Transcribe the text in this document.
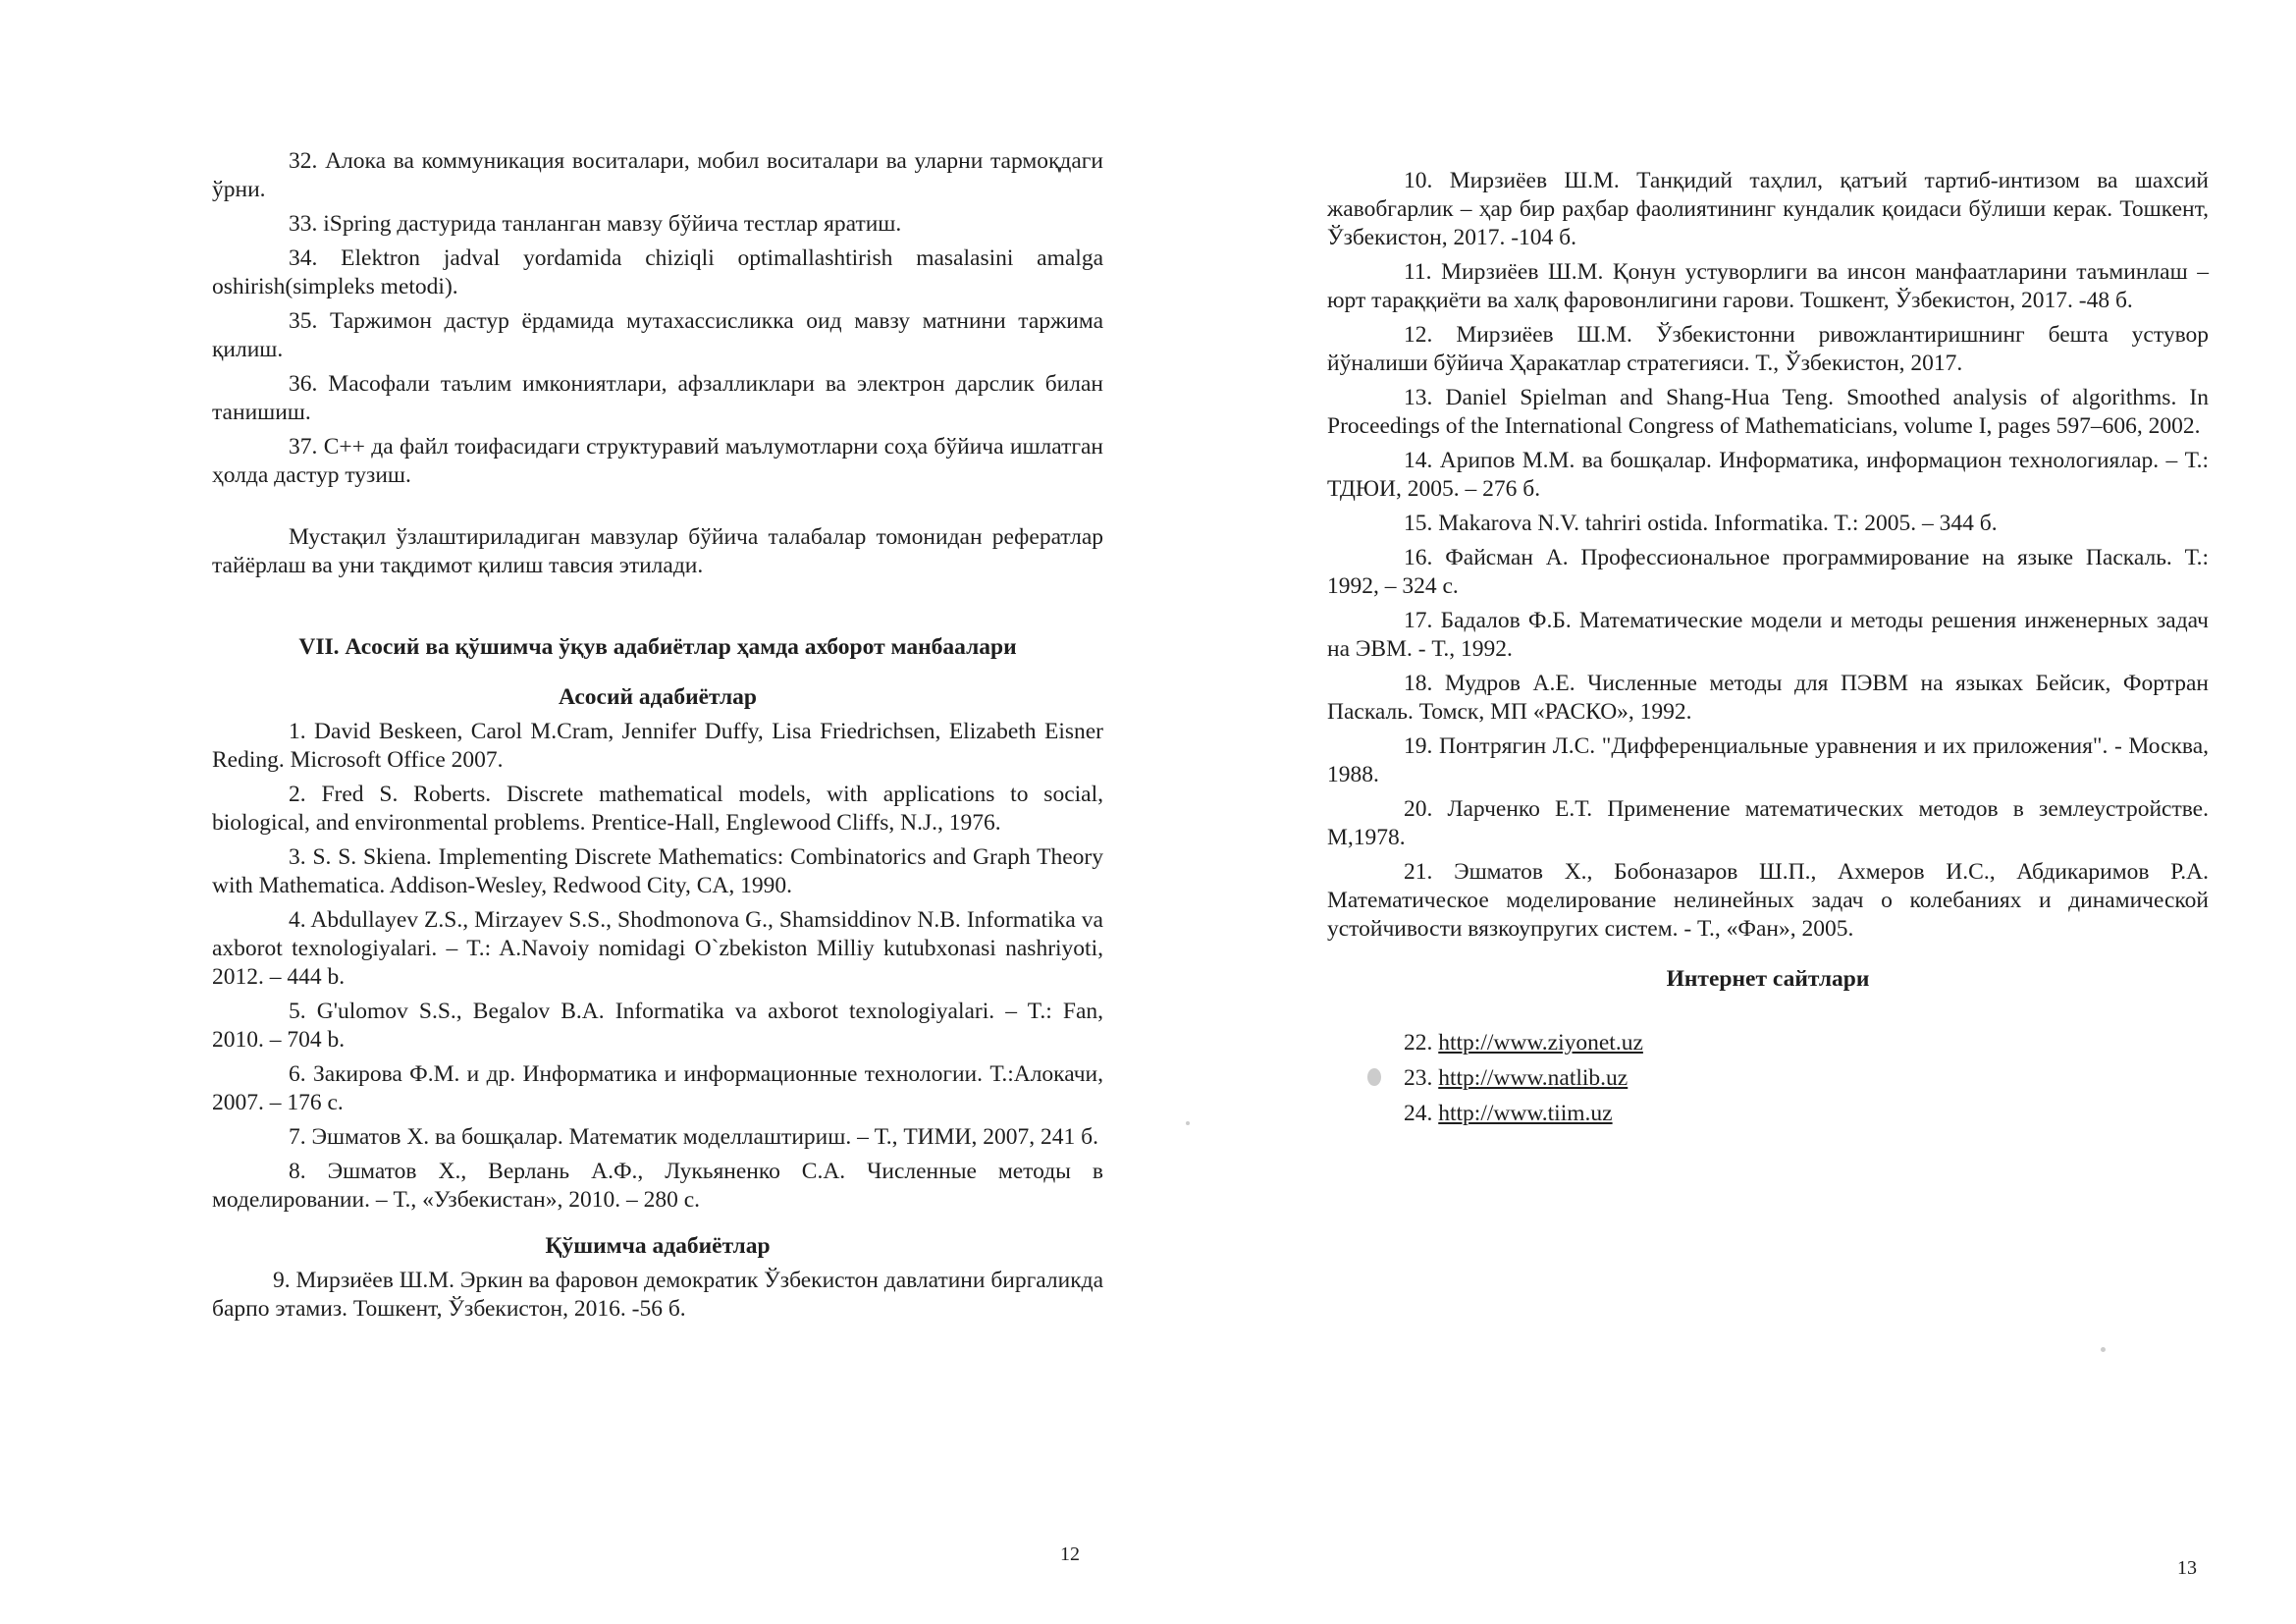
32. Алока ва коммуникация воситалари, мобил воситалари ва уларни тармоқдаги ўрни.

33. iSpring дастурида танланган мавзу бўйича тестлар яратиш.

34. Elektron jadval yordamida chiziqli optimallashtirish masalasini amalga oshirish(simpleks metodi).

35. Таржимон дастур ёрдамида мутахассисликка оид мавзу матнини таржима қилиш.

36. Масофали таълим имкониятлари, афзалликлари ва электрон дарслик билан танишиш.

37. C++ да файл тоифасидаги структуравий маълумотларни соҳа бўйича ишлатган ҳолда дастур тузиш.

Мустақил ўзлаштириладиган мавзулар бўйича талабалар томонидан рефератлар тайёрлаш ва уни тақдимот қилиш тавсия этилади.

VII. Асосий ва қўшимча ўқув адабиётлар ҳамда ахборот манбаалари
Асосий адабиётлар

1. David Beskeen, Carol M.Cram, Jennifer Duffy, Lisa Friedrichsen, Elizabeth Eisner Reding. Microsoft Office 2007.

2. Fred S. Roberts. Discrete mathematical models, with applications to social, biological, and environmental problems. Prentice-Hall, Englewood Cliffs, N.J., 1976.

3. S. S. Skiena. Implementing Discrete Mathematics: Combinatorics and Graph Theory with Mathematica. Addison-Wesley, Redwood City, CA, 1990.

4. Abdullayev Z.S., Mirzayev S.S., Shodmonova G., Shamsiddinov N.B. Informatika va axborot texnologiyalari. – T.: A.Navoiy nomidagi O`zbekiston Milliy kutubxonasi nashriyoti, 2012. – 444 b.

5. G'ulomov S.S., Begalov B.A. Informatika va axborot texnologiyalari. – T.: Fan, 2010. – 704 b.

6. Закирова Ф.М. и др. Информатика и информационные технологии. Т.:Алокачи, 2007. – 176 с.

7. Эшматов Х. ва бошқалар. Математик моделлаштириш. – Т., ТИМИ, 2007, 241 б.

8. Эшматов Х., Верлань А.Ф., Лукьяненко С.А. Численные методы в моделировании. – Т., «Узбекистан», 2010. – 280 с.

Қўшимча адабиётлар

9. Мирзиёев Ш.М. Эркин ва фаровон демократик Ўзбекистон давлатини биргаликда барпо этамиз. Тошкент, Ўзбекистон, 2016. -56 б.

12

10. Мирзиёев Ш.М. Танқидий таҳлил, қатъий тартиб-интизом ва шахсий жавобгарлик – ҳар бир раҳбар фаолиятининг кундалик қоидаси бўлиши керак. Тошкент, Ўзбекистон, 2017. -104 б.

11. Мирзиёев Ш.М. Қонун устуворлиги ва инсон манфаатларини таъминлаш – юрт тараққиёти ва халқ фаровонлигини гарови. Тошкент, Ўзбекистон, 2017. -48 б.

12. Мирзиёев Ш.М. Ўзбекистонни ривожлантиришнинг бешта устувор йўналиши бўйича Ҳаракатлар стратегияси. Т., Ўзбекистон, 2017.

13. Daniel Spielman and Shang-Hua Teng. Smoothed analysis of algorithms. In Proceedings of the International Congress of Mathematicians, volume I, pages 597–606, 2002.

14. Арипов М.М. ва бошқалар. Информатика, информацион технологиялар. – Т.: ТДЮИ, 2005. – 276 б.

15. Makarova N.V. tahriri ostida. Informatika. T.: 2005. – 344 б.

16. Файсман А. Профессиональное программирование на языке Паскаль. Т.: 1992, – 324 с.

17. Бадалов Ф.Б. Математические модели и методы решения инженерных задач на ЭВМ. - Т., 1992.

18. Мудров А.Е. Численные методы для ПЭВМ на языках Бейсик, Фортран Паскаль. Томск, МП «РАСКО», 1992.

19. Понтрягин Л.С. "Дифференциальные уравнения и их приложения". - Москва, 1988.

20. Ларченко Е.Т. Применение математических методов в землеустройстве. М,1978.

21. Эшматов Х., Бобоназаров Ш.П., Ахмеров И.С., Абдикаримов Р.А. Математическое моделирование нелинейных задач о колебаниях и динамической устойчивости вязкоупругих систем. - Т., «Фан», 2005.

Интернет сайтлари

22. http://www.ziyonet.uz

23. http://www.natlib.uz

24. http://www.tiim.uz

13
